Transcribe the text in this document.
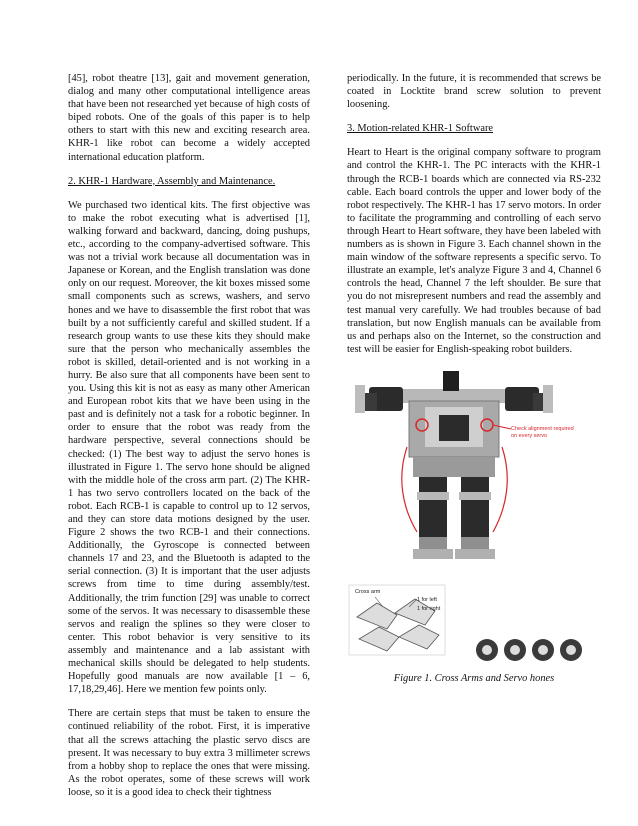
[45], robot theatre [13], gait and movement generation, dialog and many other computational intelligence areas that have been not researched yet because of high costs of biped robots. One of the goals of this paper is to help others to start with this new and exciting research area. KHR-1 like robot can become a widely accepted international education platform.

2. KHR-1 Hardware, Assembly and Maintenance.

We purchased two identical kits. The first objective was to make the robot executing what is advertised [1], walking forward and backward, dancing, doing pushups, etc., according to the company-advertised software. This was not a trivial work because all documentation was in Japanese or Korean, and the English translation was done only on our request. Moreover, the kit boxes missed some small components such as screws, washers, and servo hones and we have to disassemble the first robot that was built by a not sufficiently careful and skilled student. If a research group wants to use these kits they should make sure that the person who mechanically assembles the robot is skilled, detail-oriented and is not working in a hurry. Be also sure that all components have been sent to you. Using this kit is not as easy as many other American and European robot kits that we have been using in the past and is definitely not a task for a robotic beginner. In order to ensure that the robot was ready from the hardware perspective, several connections should be checked: (1) The best way to adjust the servo hones is illustrated in Figure 1. The servo hone should be aligned with the middle hole of the cross arm part. (2) The KHR-1 has two servo controllers located on the back of the robot. Each RCB-1 is capable to control up to 12 servos, and they can store data motions designed by the user. Figure 2 shows the two RCB-1 and their connections. Additionally, the Gyroscope is connected between channels 17 and 23, and the Bluetooth is adapted to the serial connection. (3) It is important that the user adjusts screws from time to time during assembly/test. Additionally, the trim function [29] was unable to correct some of the servos. It was necessary to disassemble these servos and realign the splines so they were closer to center. This robot behavior is very sensitive to its assembly and maintenance and a lab assistant with mechanical skills should be delegated to help students. Hopefully good manuals are now available [1 – 6, 17,18,29,46]. Here we mention few points only.

There are certain steps that must be taken to ensure the continued reliability of the robot. First, it is imperative that all the screws attaching the plastic servo discs are present. It was necessary to buy extra 3 millimeter screws from a hobby shop to replace the ones that were missing. As the robot operates, some of these screws will work loose, so it is a good idea to check their tightness

periodically. In the future, it is recommended that screws be coated in Locktite brand screw solution to prevent loosening.

3. Motion-related KHR-1 Software

Heart to Heart is the original company software to program and control the KHR-1. The PC interacts with the KHR-1 through the RCB-1 boards which are connected via RS-232 cable. Each board controls the upper and lower body of the robot respectively. The KHR-1 has 17 servo motors. In order to facilitate the programming and controlling of each servo through Heart to Heart software, they have been labeled with numbers as is shown in Figure 3. Each channel shown in the main window of the software represents a specific servo. To illustrate an example, let's analyze Figure 3 and 4, Channel 6 controls the head, Channel 7 the left shoulder. Be sure that you do not misrepresent numbers and read the assembly and test manual very carefully. We had troubles because of bad translation, but now English manuals can be available from us and perhaps also on the Internet, so the construction and test will be easier for English-speaking robot builders.

Check alignment required
on every servo
Cross arm
1 for left
1 for right
Figure 1. Cross Arms and Servo hones
